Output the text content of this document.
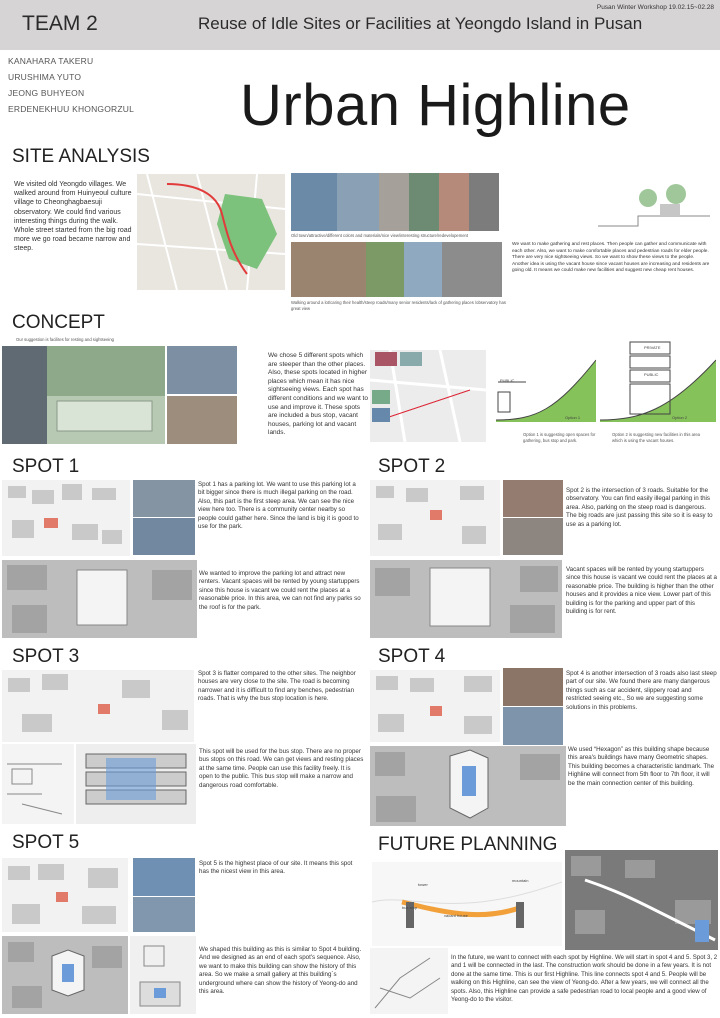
TEAM 2	Reuse of Idle Sites or Facilities at Yeongdo Island in Pusan
Pusan Winter Workshop 19.02.15~02.28
KANAHARA TAKERU
URUSHIMA YUTO
JEONG BUHYEON
ERDENEKHUU KHONGORZUL Urban Highline
SITE ANALYSIS
We visited old Yeongdo villages. We walked around from Huinyeoul culture village to Cheonghagbaesuji observatory. We could find various interesting things during the walk. Whole street started from the big road more we go road became narrow and steep.
Old town/attractive/different colors and materials/nice view/interesting structure/redevelopement
Walking around a lot/caring their health/steep roads/many senior residents/lack of gathering places /observatory has great view
We want to make gathering and rest places. Then people can gather and communicate with each other. Also, we want to make comfortable places and pedestrian roads for elder people. There are very nice sightseeing views. So we want to show these views to the people. Another idea is using the vacant house since vacant houses are increasing and residents are going old. It means we could make new facilities and suggest new cheap rent houses.
CONCEPT
Our suggestion is facilites for resting and sightseeing
We chose 5 different spots which are steeper than the other places. Also, these spots located in higher places which mean it has nice sightseeing views. Each spot has different conditions and we want to use and improve it. These spots are included a bus stop, vacant houses, parking lot and vacant lands.
PUBLIC
Option 1
Option 1 is suggesting open spaces for gathering, bus stop and park.
PRIVATE
PUBLIC
Option 2
Option 2 is suggesting new facilities in this area which is using the vacant houses.
SPOT 1
Spot 1 has a parking lot. We want to use this parking lot a bit bigger since there is much illegal parking on the road. Also, this part is the first steep area. We can see the nice view here too. There is a community center nearby so people could gather here. Since the land is big it is good to use for the park.
We wanted to improve the parking lot and attract new renters. Vacant spaces will be rented by young startuppers since this house is vacant we could rent the places at a reasonable price. In this area, we can not find any parks so the roof is for the park.
SPOT 2
Spot 2 is the intersection of 3 roads. Suitable for the observatory. You can find easily illegal parking in this area. Also, parking on the steep road is dangerous. The big roads are just passing this site so it is easy to use as a parking lot.
Vacant spaces will be rented by young startuppers since this house is vacant we could rent the places at a reasonable price. The building is higher than the other houses and it provides a nice view. Lower part of this building is for the parking and upper part of this building is for rent.
SPOT 3
Spot 3 is flatter compared to the other sites. The neighbor houses are very close to the site. The road is becoming narrower and it is difficult to find any benches, pedestrian roads. That is why the bus stop location is here.
This spot will be used for the bus stop. There are no proper bus stops on this road. We can get views and resting places at the same time. People can use this facility freely. It is open to the public. This bus stop will make a narrow and dangerous road comfortable.
SPOT 4
Spot 4 is another intersection of 3 roads also last steep part of our site. We found there are many dangerous things such as car accident, slippery road and restricted seeing etc., So we are suggesting some solutions in this problems.
We used “Hexagon” as this building shape because this area's buildings have many Geometric shapes. This building becomes a characteristic landmark. The Highline will connect from 5th floor to 7th floor, it will be the main connection center of this building.
SPOT 5
Spot 5 is the highest place of our site. It means this spot has the nicest view in this area.
We shaped this building as this is similar to Spot 4 building. And we designed as an end of each spot's sequence. Also, we want to make this building can show the history of this area. So we make a small gallery at this building`s underground where can show the history of Yeong-do and this area.
FUTURE PLANNING
tower
mountain
bus stop
vacant house
In the future, we want to connect with each spot by Highline. We will start in spot 4 and 5. Spot 3, 2 and 1 will be connected in the last. The construction work should be done in a few years. It is not done at the same time. This is our first Highline. This line connects spot 4 and 5. People will be walking on this Highline, can see the view of Yeong-do. After a few years, we will connect all the spots. Also, this Highline can provide a safe pedestrian road to local people and a good view of Yeong-do to the visitor.
